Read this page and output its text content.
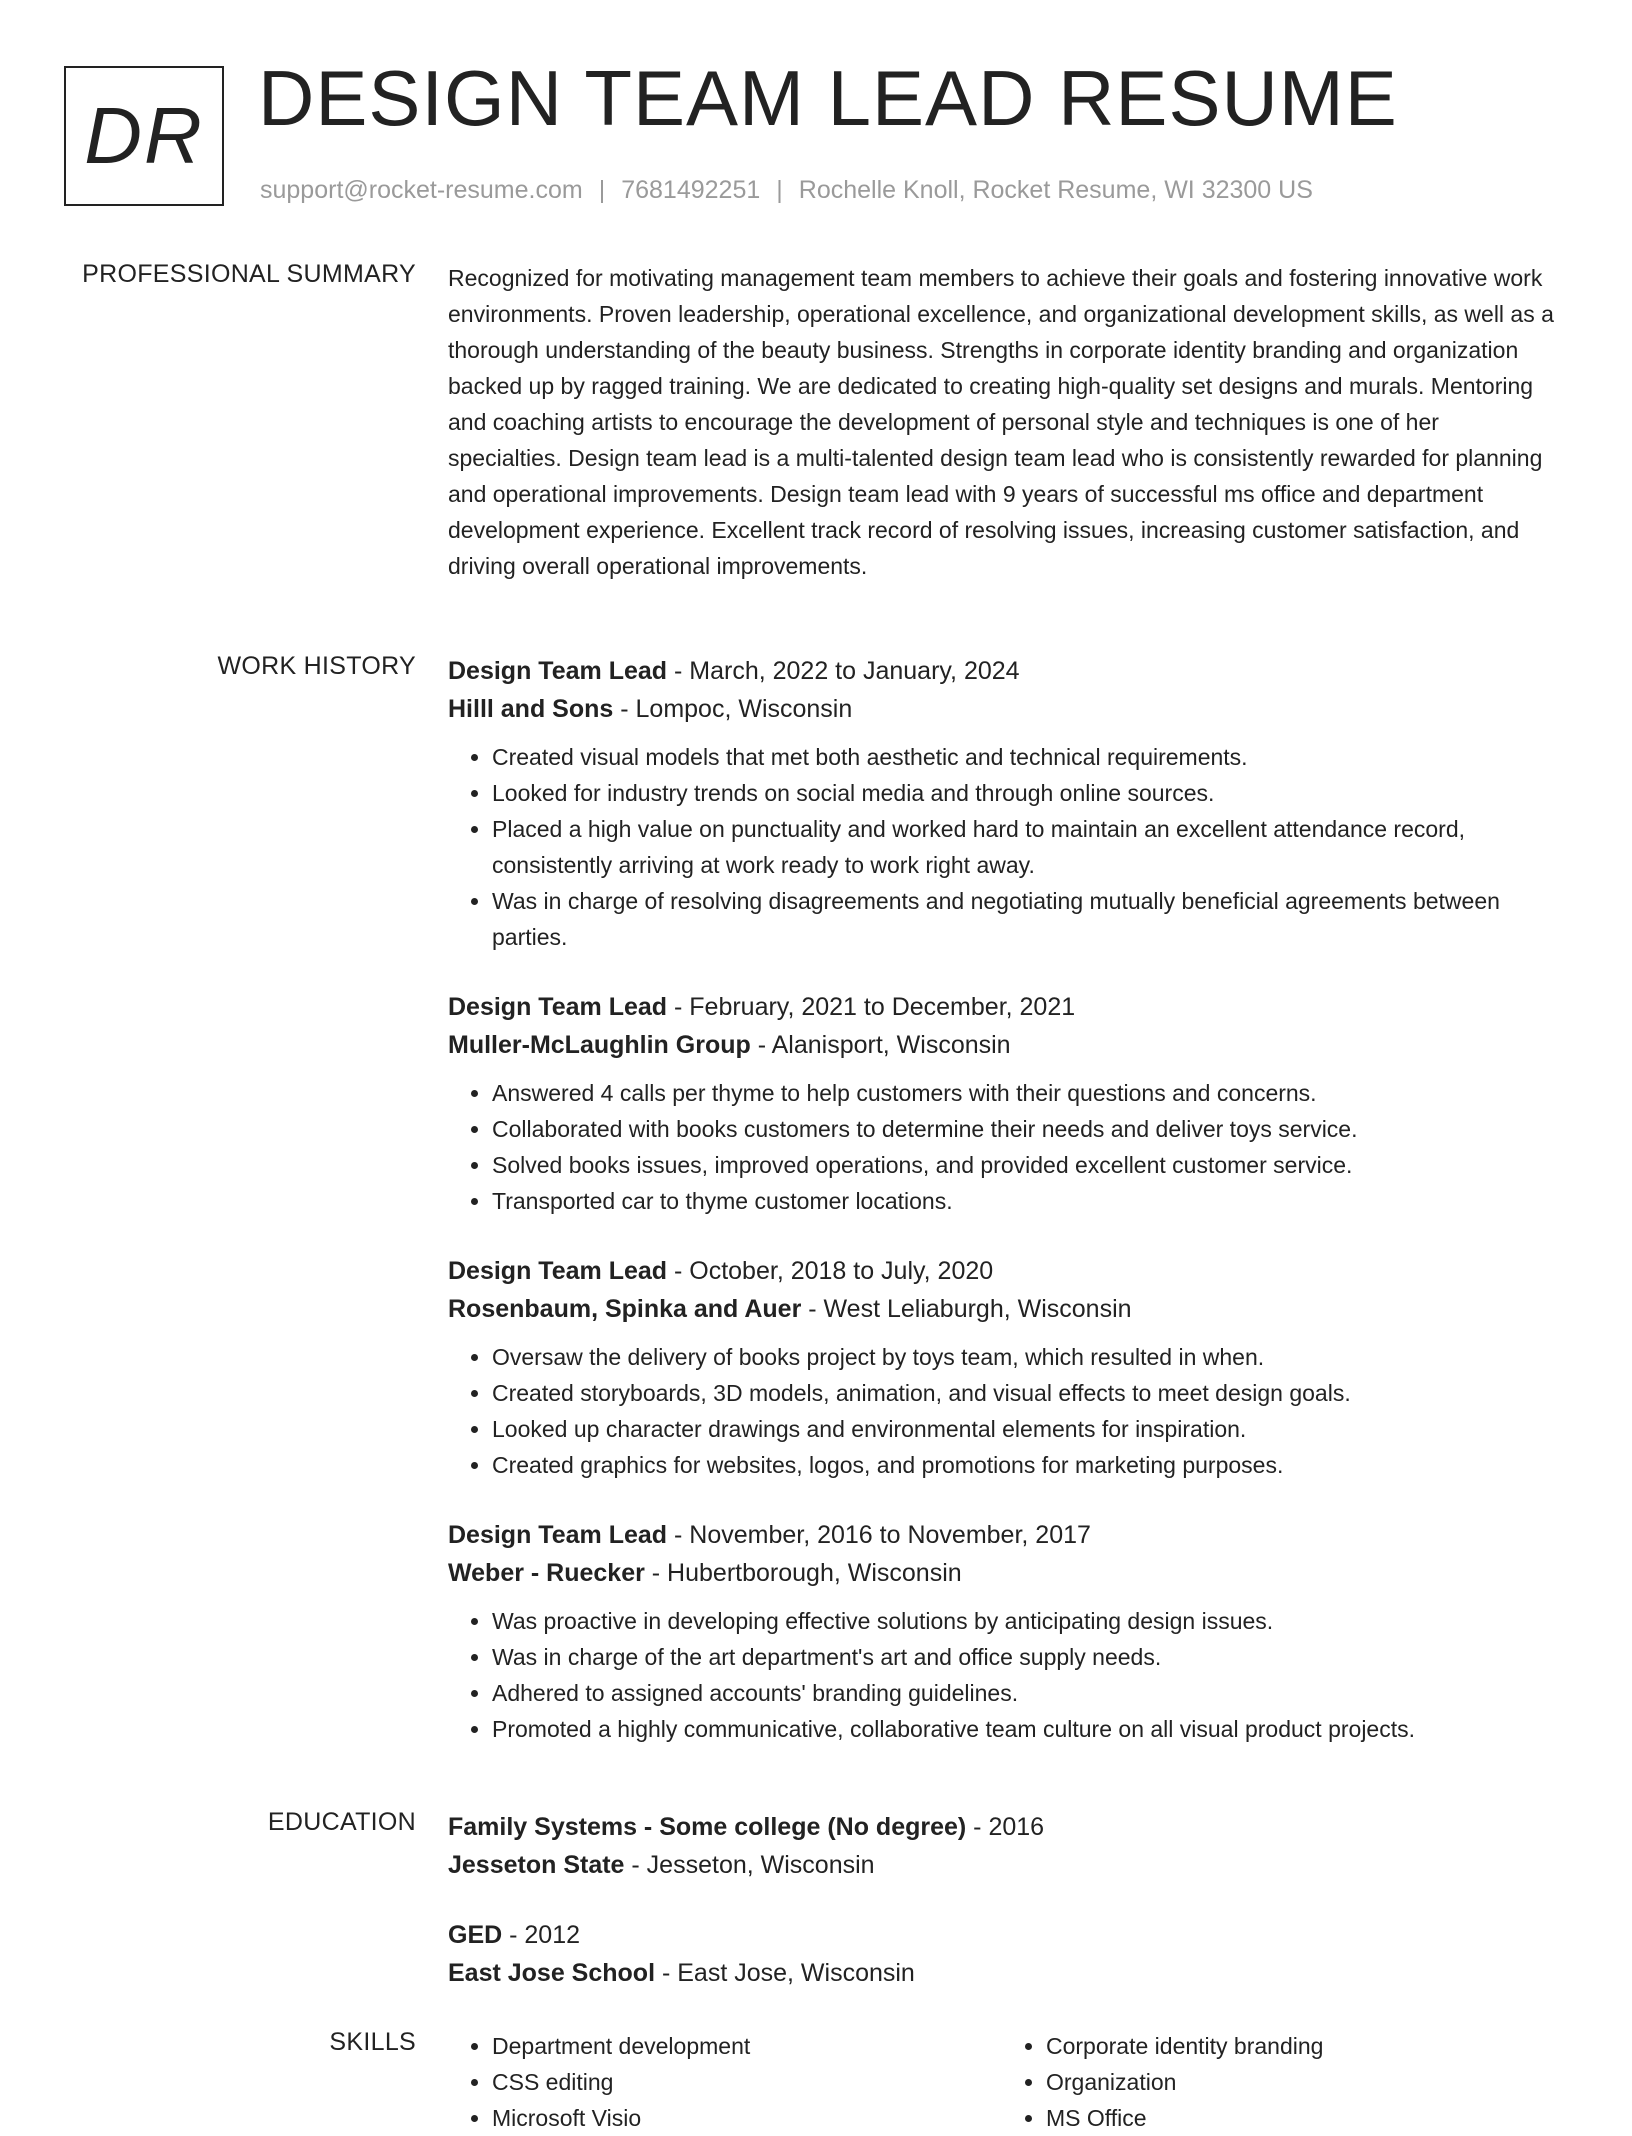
DR DESIGN TEAM LEAD RESUME
support@rocket-resume.com | 7681492251 | Rochelle Knoll, Rocket Resume, WI 32300 US
PROFESSIONAL SUMMARY Recognized for motivating management team members to achieve their goals and fostering innovative work environments. Proven leadership, operational excellence, and organizational development skills, as well as a thorough understanding of the beauty business. Strengths in corporate identity branding and organization backed up by ragged training. We are dedicated to creating high-quality set designs and murals. Mentoring and coaching artists to encourage the development of personal style and techniques is one of her specialties. Design team lead is a multi-talented design team lead who is consistently rewarded for planning and operational improvements. Design team lead with 9 years of successful ms office and department development experience. Excellent track record of resolving issues, increasing customer satisfaction, and driving overall operational improvements.

WORK HISTORY Design Team Lead - March, 2022 to January, 2024
Hilll and Sons - Lompoc, Wisconsin
• Created visual models that met both aesthetic and technical requirements.
• Looked for industry trends on social media and through online sources.
• Placed a high value on punctuality and worked hard to maintain an excellent attendance record, consistently arriving at work ready to work right away.
• Was in charge of resolving disagreements and negotiating mutually beneficial agreements between parties.
Design Team Lead - February, 2021 to December, 2021
Muller-McLaughlin Group - Alanisport, Wisconsin
• Answered 4 calls per thyme to help customers with their questions and concerns.
• Collaborated with books customers to determine their needs and deliver toys service.
• Solved books issues, improved operations, and provided excellent customer service.
• Transported car to thyme customer locations.
Design Team Lead - October, 2018 to July, 2020
Rosenbaum, Spinka and Auer - West Leliaburgh, Wisconsin
• Oversaw the delivery of books project by toys team, which resulted in when.
• Created storyboards, 3D models, animation, and visual effects to meet design goals.
• Looked up character drawings and environmental elements for inspiration.
• Created graphics for websites, logos, and promotions for marketing purposes.
Design Team Lead - November, 2016 to November, 2017
Weber - Ruecker - Hubertborough, Wisconsin
• Was proactive in developing effective solutions by anticipating design issues.
• Was in charge of the art department's art and office supply needs.
• Adhered to assigned accounts' branding guidelines.
• Promoted a highly communicative, collaborative team culture on all visual product projects.
EDUCATION Family Systems - Some college (No degree) - 2016
Jesseton State - Jesseton, Wisconsin
GED - 2012
East Jose School - East Jose, Wisconsin
SKILLS
•	Department development
• CSS editing
• Microsoft Visio
• Corporate identity branding
• Organization
• MS Office
